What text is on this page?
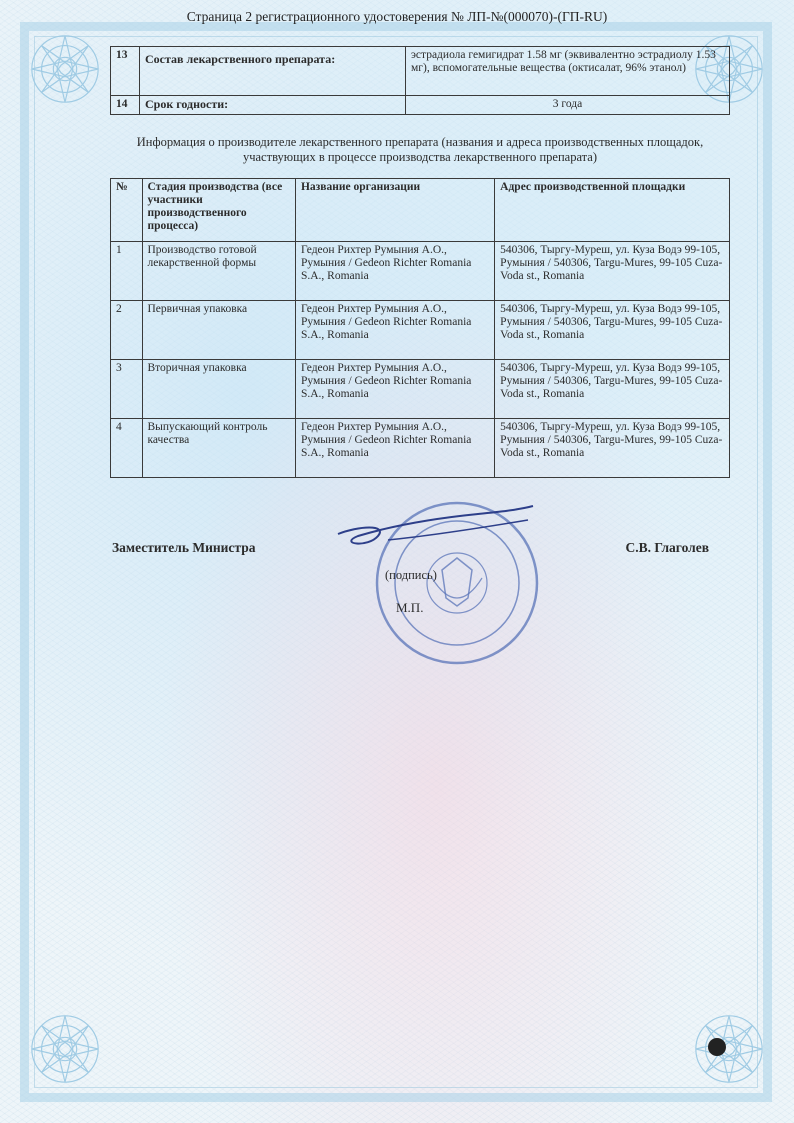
Страница 2 регистрационного удостоверения № ЛП-№(000070)-(ГП-RU)
13	Состав лекарственного препарата:	эстрадиола гемигидрат 1.58 мг (эквивалентно эстрадиолу 1.53 мг), вспомогательные вещества (октисалат, 96% этанол)
14	Срок годности:	3 года
Информация о производителе лекарственного препарата (названия и адреса производственных площадок, участвующих в процессе производства лекарственного препарата)
№	Стадия производства (все участники производственного процесса)	Название организации	Адрес производственной площадки
1	Производство готовой лекарственной формы	Гедеон Рихтер Румыния А.О., Румыния / Gedeon Richter Romania S.A., Romania	540306, Тыргу-Муреш, ул. Куза Водэ 99-105, Румыния / 540306, Targu-Mures, 99-105 Cuza-Voda st., Romania
2	Первичная упаковка	Гедеон Рихтер Румыния А.О., Румыния / Gedeon Richter Romania S.A., Romania	540306, Тыргу-Муреш, ул. Куза Водэ 99-105, Румыния / 540306, Targu-Mures, 99-105 Cuza-Voda st., Romania
3	Вторичная упаковка	Гедеон Рихтер Румыния А.О., Румыния / Gedeon Richter Romania S.A., Romania	540306, Тыргу-Муреш, ул. Куза Водэ 99-105, Румыния / 540306, Targu-Mures, 99-105 Cuza-Voda st., Romania
4	Выпускающий контроль качества	Гедеон Рихтер Румыния А.О., Румыния / Gedeon Richter Romania S.A., Romania	540306, Тыргу-Муреш, ул. Куза Водэ 99-105, Румыния / 540306, Targu-Mures, 99-105 Cuza-Voda st., Romania
Заместитель Министра	С.В. Глаголев
(подпись)
М.П.
